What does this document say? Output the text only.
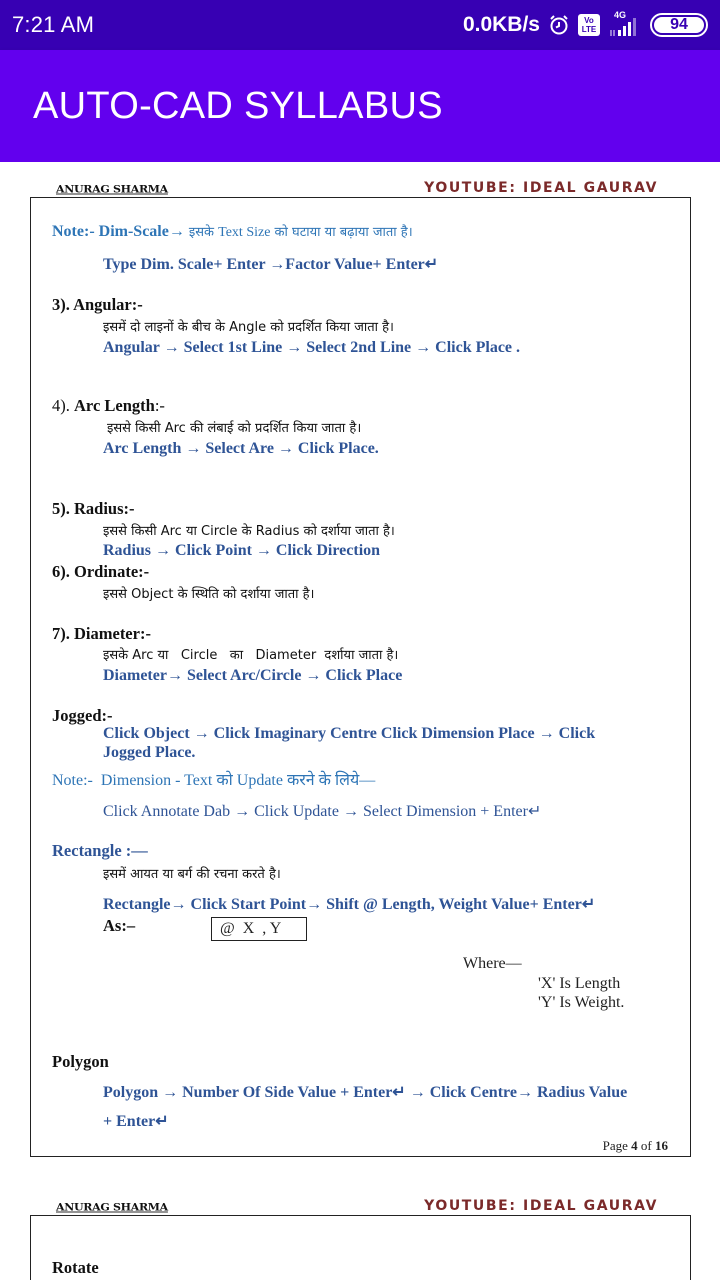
7:21 AM	0.0KB/s	Vo
LTE
4G
94
AUTO-CAD SYLLABUS
ANURAG SHARMA	YOUTUBE: IDEAL GAURAV
Note:- Dim-Scale→ इसके Text Size को घटाया या बढ़ाया जाता है।
Type Dim. Scale+ Enter →Factor Value+ Enter↵
3). Angular:-
इसमें दो लाइनों के बीच के Angle को प्रदर्शित किया जाता है।
Angular → Select 1st Line → Select 2nd Line → Click Place .
4). Arc Length:-
इससे किसी Arc की लंबाई को प्रदर्शित किया जाता है।
Arc Length → Select Are → Click Place.
5). Radius:-
इससे किसी Arc या Circle के Radius को दर्शाया जाता है।
Radius → Click Point → Click Direction
6). Ordinate:-
इससे Object के स्थिति को दर्शाया जाता है।
7). Diameter:-
इसके Arc या   Circle   का   Diameter  दर्शाया जाता है।
Diameter→ Select Arc/Circle → Click Place
Jogged:-
Click Object → Click Imaginary Centre Click Dimension Place → Click
Jogged Place.
Note:-  Dimension - Text को Update करने के लिये—
Click Annotate Dab → Click Update → Select Dimension + Enter↵
Rectangle :—
इसमें आयत या बर्ग की रचना करते है।
Rectangle→ Click Start Point→ Shift @ Length, Weight Value+ Enter↵
As:–	@  X  , Y
Where—
'X' Is Length
'Y' Is Weight.
Polygon
Polygon → Number Of Side Value + Enter↵ → Click Centre→ Radius Value
+ Enter↵
Page 4 of 16
ANURAG SHARMA	YOUTUBE: IDEAL GAURAV
Rotate
